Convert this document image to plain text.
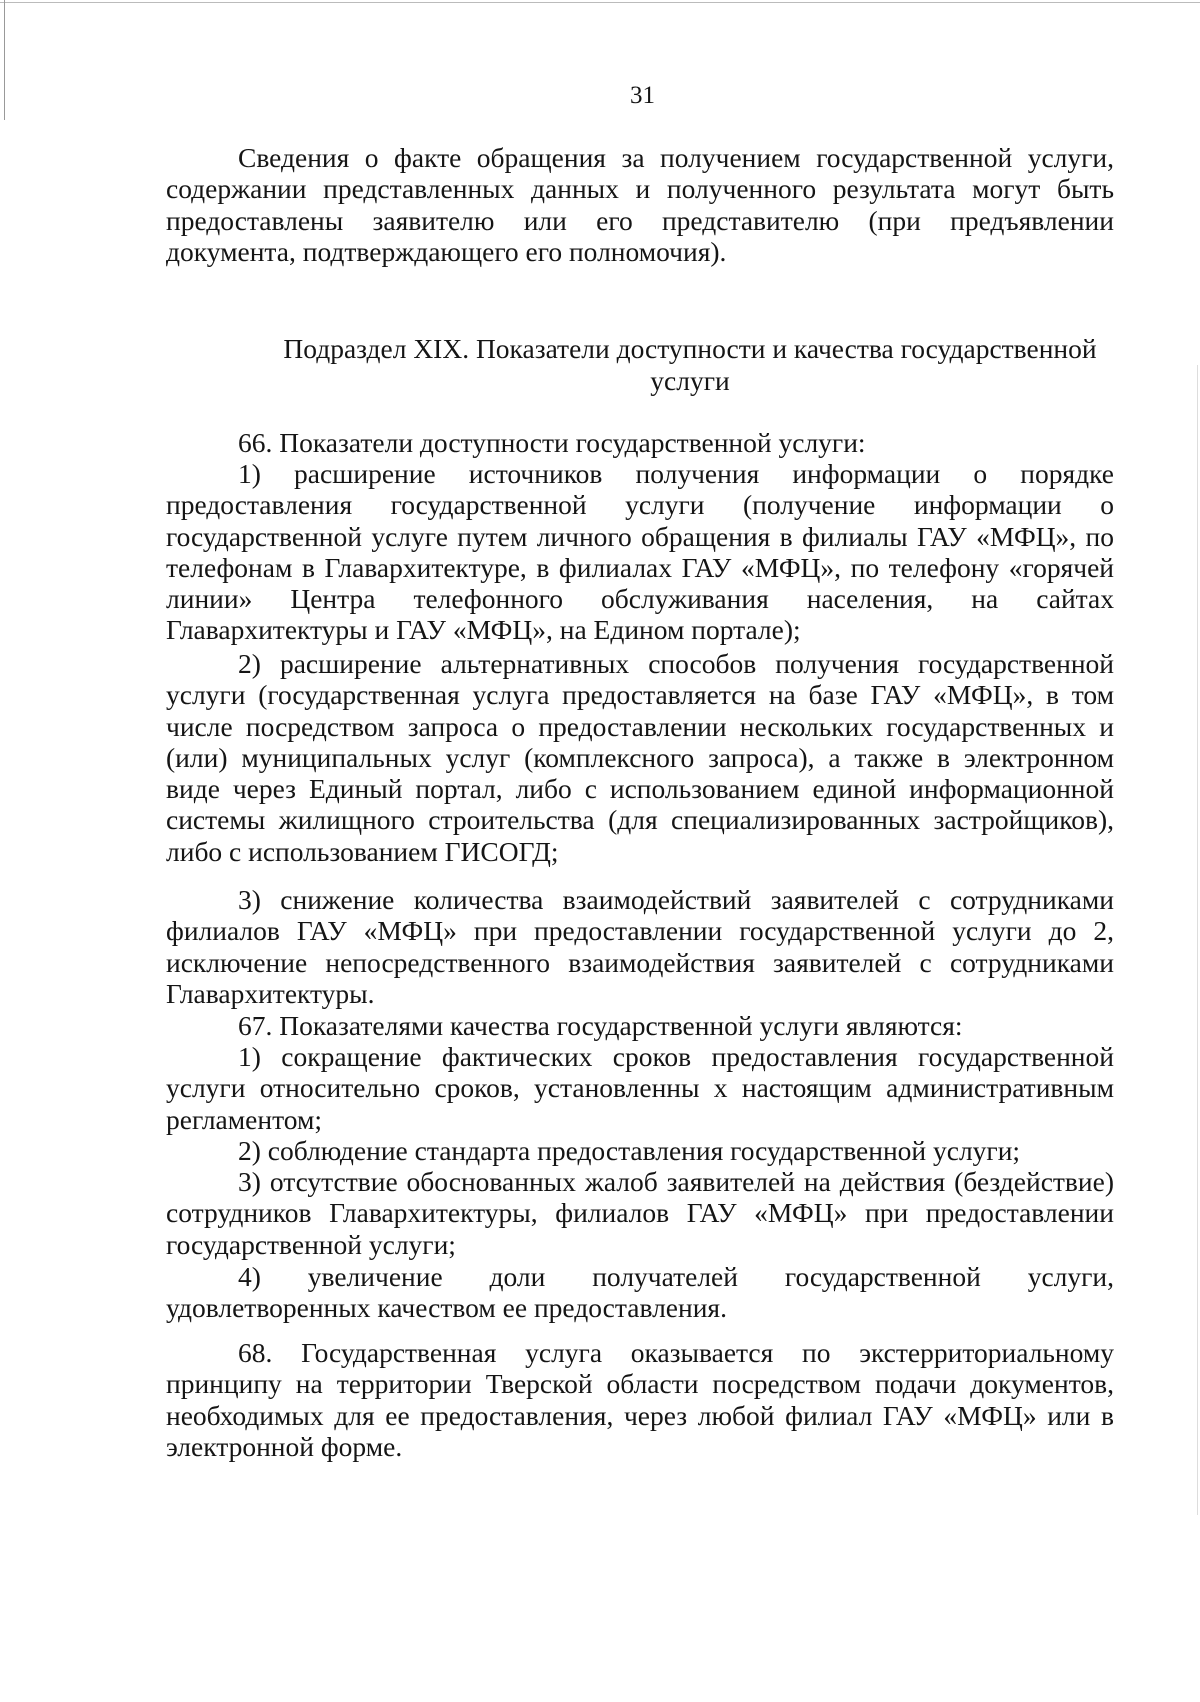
31

Сведения о факте обращения за получением государственной услуги, содержании представленных данных и полученного результата могут быть предоставлены заявителю или его представителю (при предъявлении документа, подтверждающего его полномочия).

Подраздел XIX. Показатели доступности и качества государственной
услуги

66. Показатели доступности государственной услуги:

1) расширение источников получения информации о порядке предоставления государственной услуги (получение информации о государственной услуге путем личного обращения в филиалы ГАУ «МФЦ», по телефонам в Главархитектуре, в филиалах ГАУ «МФЦ», по телефону «горячей линии» Центра телефонного обслуживания населения, на сайтах Главархитектуры и ГАУ «МФЦ», на Едином портале);

2) расширение альтернативных способов получения государственной услуги (государственная услуга предоставляется на базе ГАУ «МФЦ», в том числе посредством запроса о предоставлении нескольких государственных и (или) муниципальных услуг (комплексного запроса), а также в электронном виде через Единый портал, либо с использованием единой информационной системы жилищного строительства (для специализированных застройщиков), либо с использованием ГИСОГД;

3) снижение количества взаимодействий заявителей с сотрудниками филиалов ГАУ «МФЦ» при предоставлении государственной услуги до 2, исключение непосредственного взаимодействия заявителей с сотрудниками Главархитектуры.

67. Показателями качества государственной услуги являются:

1) сокращение фактических сроков предоставления государственной услуги относительно сроков, установленны х настоящим административным регламентом;

2) соблюдение стандарта предоставления государственной услуги;

3) отсутствие обоснованных жалоб заявителей на действия (бездействие) сотрудников Главархитектуры, филиалов ГАУ «МФЦ» при предоставлении государственной услуги;

4) увеличение доли получателей государственной услуги, удовлетворенных качеством ее предоставления.

68. Государственная услуга оказывается по экстерриториальному принципу на территории Тверской области посредством подачи документов, необходимых для ее предоставления, через любой филиал ГАУ «МФЦ» или в электронной форме.
